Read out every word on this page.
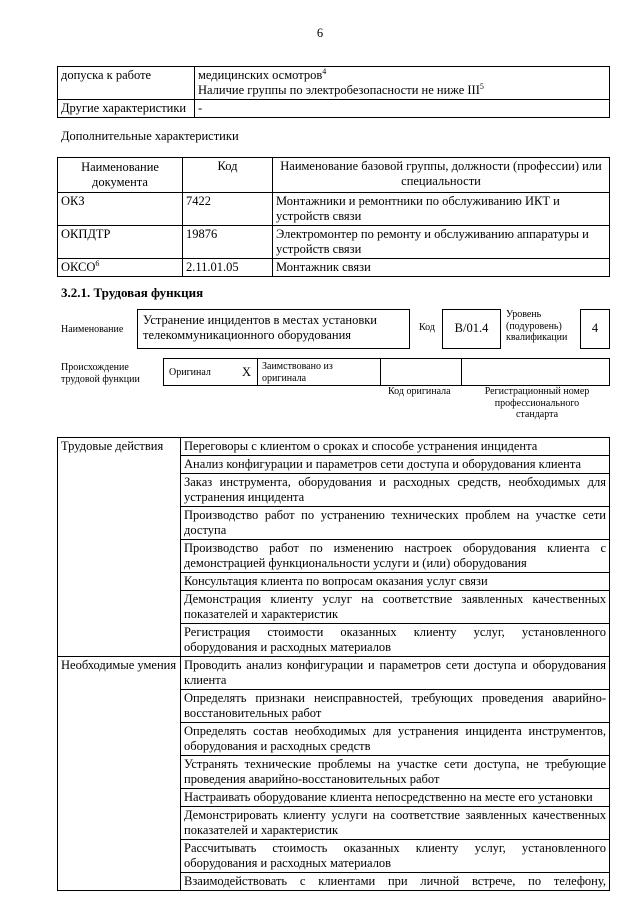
6
допуска к работе	медицинских осмотров$^4$
Наличие группы по электробезопасности не ниже III$^5$
Другие характеристики	-
Дополнительные характеристики
Наименование документа	Код	Наименование базовой группы, должности (профессии) или специальности
ОКЗ	7422	Монтажники и ремонтники по обслуживанию ИКТ и устройств связи
ОКПДТР	19876	Электромонтер по ремонту и обслуживанию аппаратуры и устройств связи
ОКСО$^6$	2.11.01.05	Монтажник связи
3.2.1. Трудовая функция
Наименование
Устранение инцидентов в местах установки телекоммуникационного оборудования
Код	B/01.4
Уровень (подуровень) квалификации
4
Происхождение трудовой функции
Оригинал X Заимствовано из оригинала
Код оригинала	Регистрационный номер профессионального стандарта
Трудовые действия	Переговоры с клиентом о сроках и способе устранения инцидента
	Анализ конфигурации и параметров сети доступа и оборудования клиента
	Заказ инструмента, оборудования и расходных средств, необходимых для устранения инцидента
	Производство работ по устранению технических проблем на участке сети доступа
	Производство работ по изменению настроек оборудования клиента с демонстрацией функциональности услуги и (или) оборудования
	Консультация клиента по вопросам оказания услуг связи
	Демонстрация клиенту услуг на соответствие заявленных качественных показателей и характеристик
	Регистрация стоимости оказанных клиенту услуг, установленного оборудования и расходных материалов
Необходимые умения	Проводить анализ конфигурации и параметров сети доступа и оборудования клиента
	Определять признаки неисправностей, требующих проведения аварийно-восстановительных работ
	Определять состав необходимых для устранения инцидента инструментов, оборудования и расходных средств
	Устранять технические проблемы на участке сети доступа, не требующие проведения аварийно-восстановительных работ
	Настраивать оборудование клиента непосредственно на месте его установки
	Демонстрировать клиенту услуги на соответствие заявленных качественных показателей и характеристик
	Рассчитывать стоимость оказанных клиенту услуг, установленного оборудования и расходных материалов
	Взаимодействовать с клиентами при личной встрече, по телефону,
